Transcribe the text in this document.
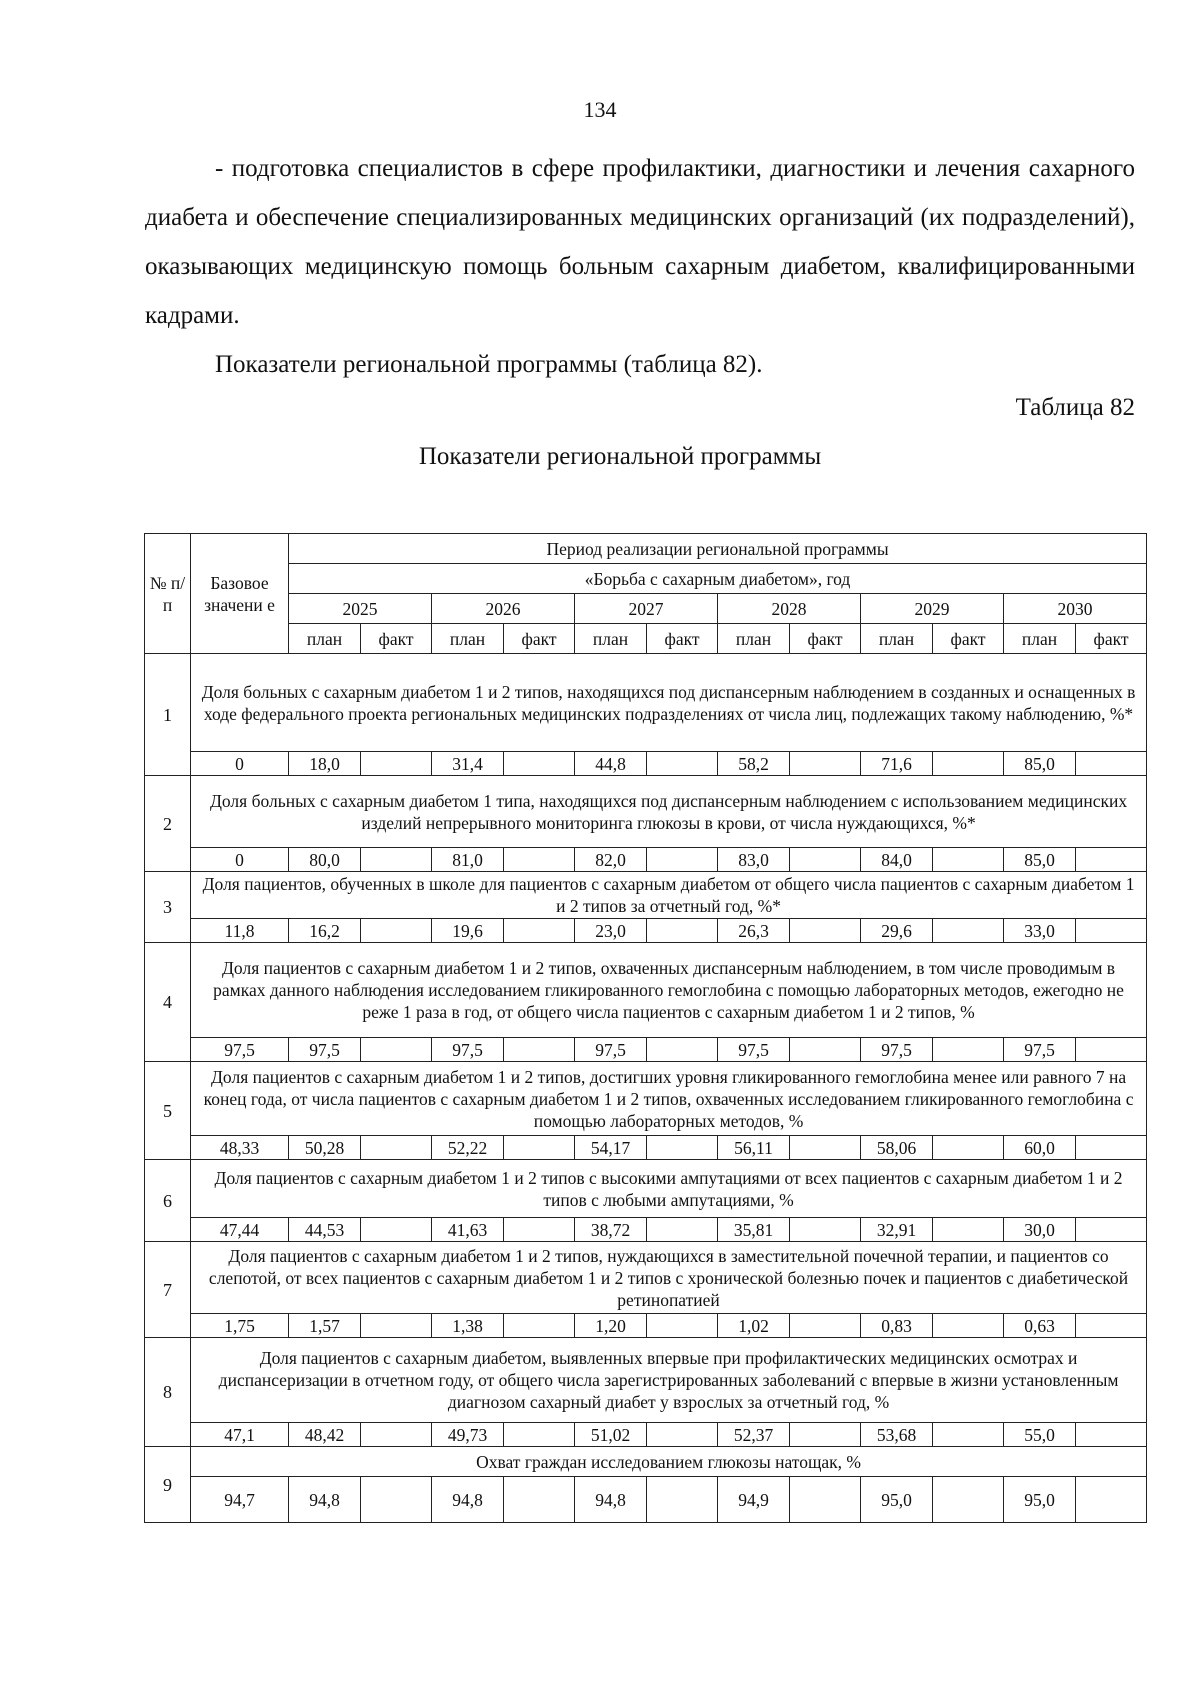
134

- подготовка специалистов в сфере профилактики, диагностики и лечения сахарного диабета и обеспечение специализированных медицинских организаций (их подразделений), оказывающих медицинскую помощь больным сахарным диабетом, квалифицированными кадрами.

Показатели региональной программы (таблица 82).

Таблица 82
Показатели региональной программы
№ п/п	Базовое значени е	Период реализации региональной программы											
		«Борьба с сахарным диабетом», год											
		2025		2026		2027		2028		2029		2030	
		план	факт	план	факт	план	факт	план	факт	план	факт	план	факт
1	Доля больных с сахарным диабетом 1 и 2 типов, находящихся под диспансерным наблюдением в созданных и оснащенных в ходе федерального проекта региональных медицинских подразделениях от числа лиц, подлежащих такому наблюдению, %*												
	0	18,0		31,4		44,8		58,2		71,6		85,0	
2	Доля больных с сахарным диабетом 1 типа, находящихся под диспансерным наблюдением с использованием медицинских изделий непрерывного мониторинга глюкозы в крови, от числа нуждающихся, %*												
	0	80,0		81,0		82,0		83,0		84,0		85,0	
3	Доля пациентов, обученных в школе для пациентов с сахарным диабетом от общего числа пациентов с сахарным диабетом 1 и 2 типов за отчетный год, %*												
	11,8	16,2		19,6		23,0		26,3		29,6		33,0	
4	Доля пациентов с сахарным диабетом 1 и 2 типов, охваченных диспансерным наблюдением, в том числе проводимым в рамках данного наблюдения исследованием гликированного гемоглобина с помощью лабораторных методов, ежегодно не реже 1 раза в год, от общего числа пациентов с сахарным диабетом 1 и 2 типов, %												
	97,5	97,5		97,5		97,5		97,5		97,5		97,5	
5	Доля пациентов с сахарным диабетом 1 и 2 типов, достигших уровня гликированного гемоглобина менее или равного 7 на конец года, от числа пациентов с сахарным диабетом 1 и 2 типов, охваченных исследованием гликированного гемоглобина с помощью лабораторных методов, %												
	48,33	50,28		52,22		54,17		56,11		58,06		60,0	
6	Доля пациентов с сахарным диабетом 1 и 2 типов с высокими ампутациями от всех пациентов с сахарным диабетом 1 и 2 типов с любыми ампутациями, %												
	47,44	44,53		41,63		38,72		35,81		32,91		30,0	
7	Доля пациентов с сахарным диабетом 1 и 2 типов, нуждающихся в заместительной почечной терапии, и пациентов со слепотой, от всех пациентов с сахарным диабетом 1 и 2 типов с хронической болезнью почек и пациентов с диабетической ретинопатией												
	1,75	1,57		1,38		1,20		1,02		0,83		0,63	
8	Доля пациентов с сахарным диабетом, выявленных впервые при профилактических медицинских осмотрах и диспансеризации в отчетном году, от общего числа зарегистрированных заболеваний с впервые в жизни установленным диагнозом сахарный диабет у взрослых за отчетный год, %												
	47,1	48,42		49,73		51,02		52,37		53,68		55,0	
9	Охват граждан исследованием глюкозы натощак, %												
	94,7	94,8		94,8		94,8		94,9		95,0		95,0	
